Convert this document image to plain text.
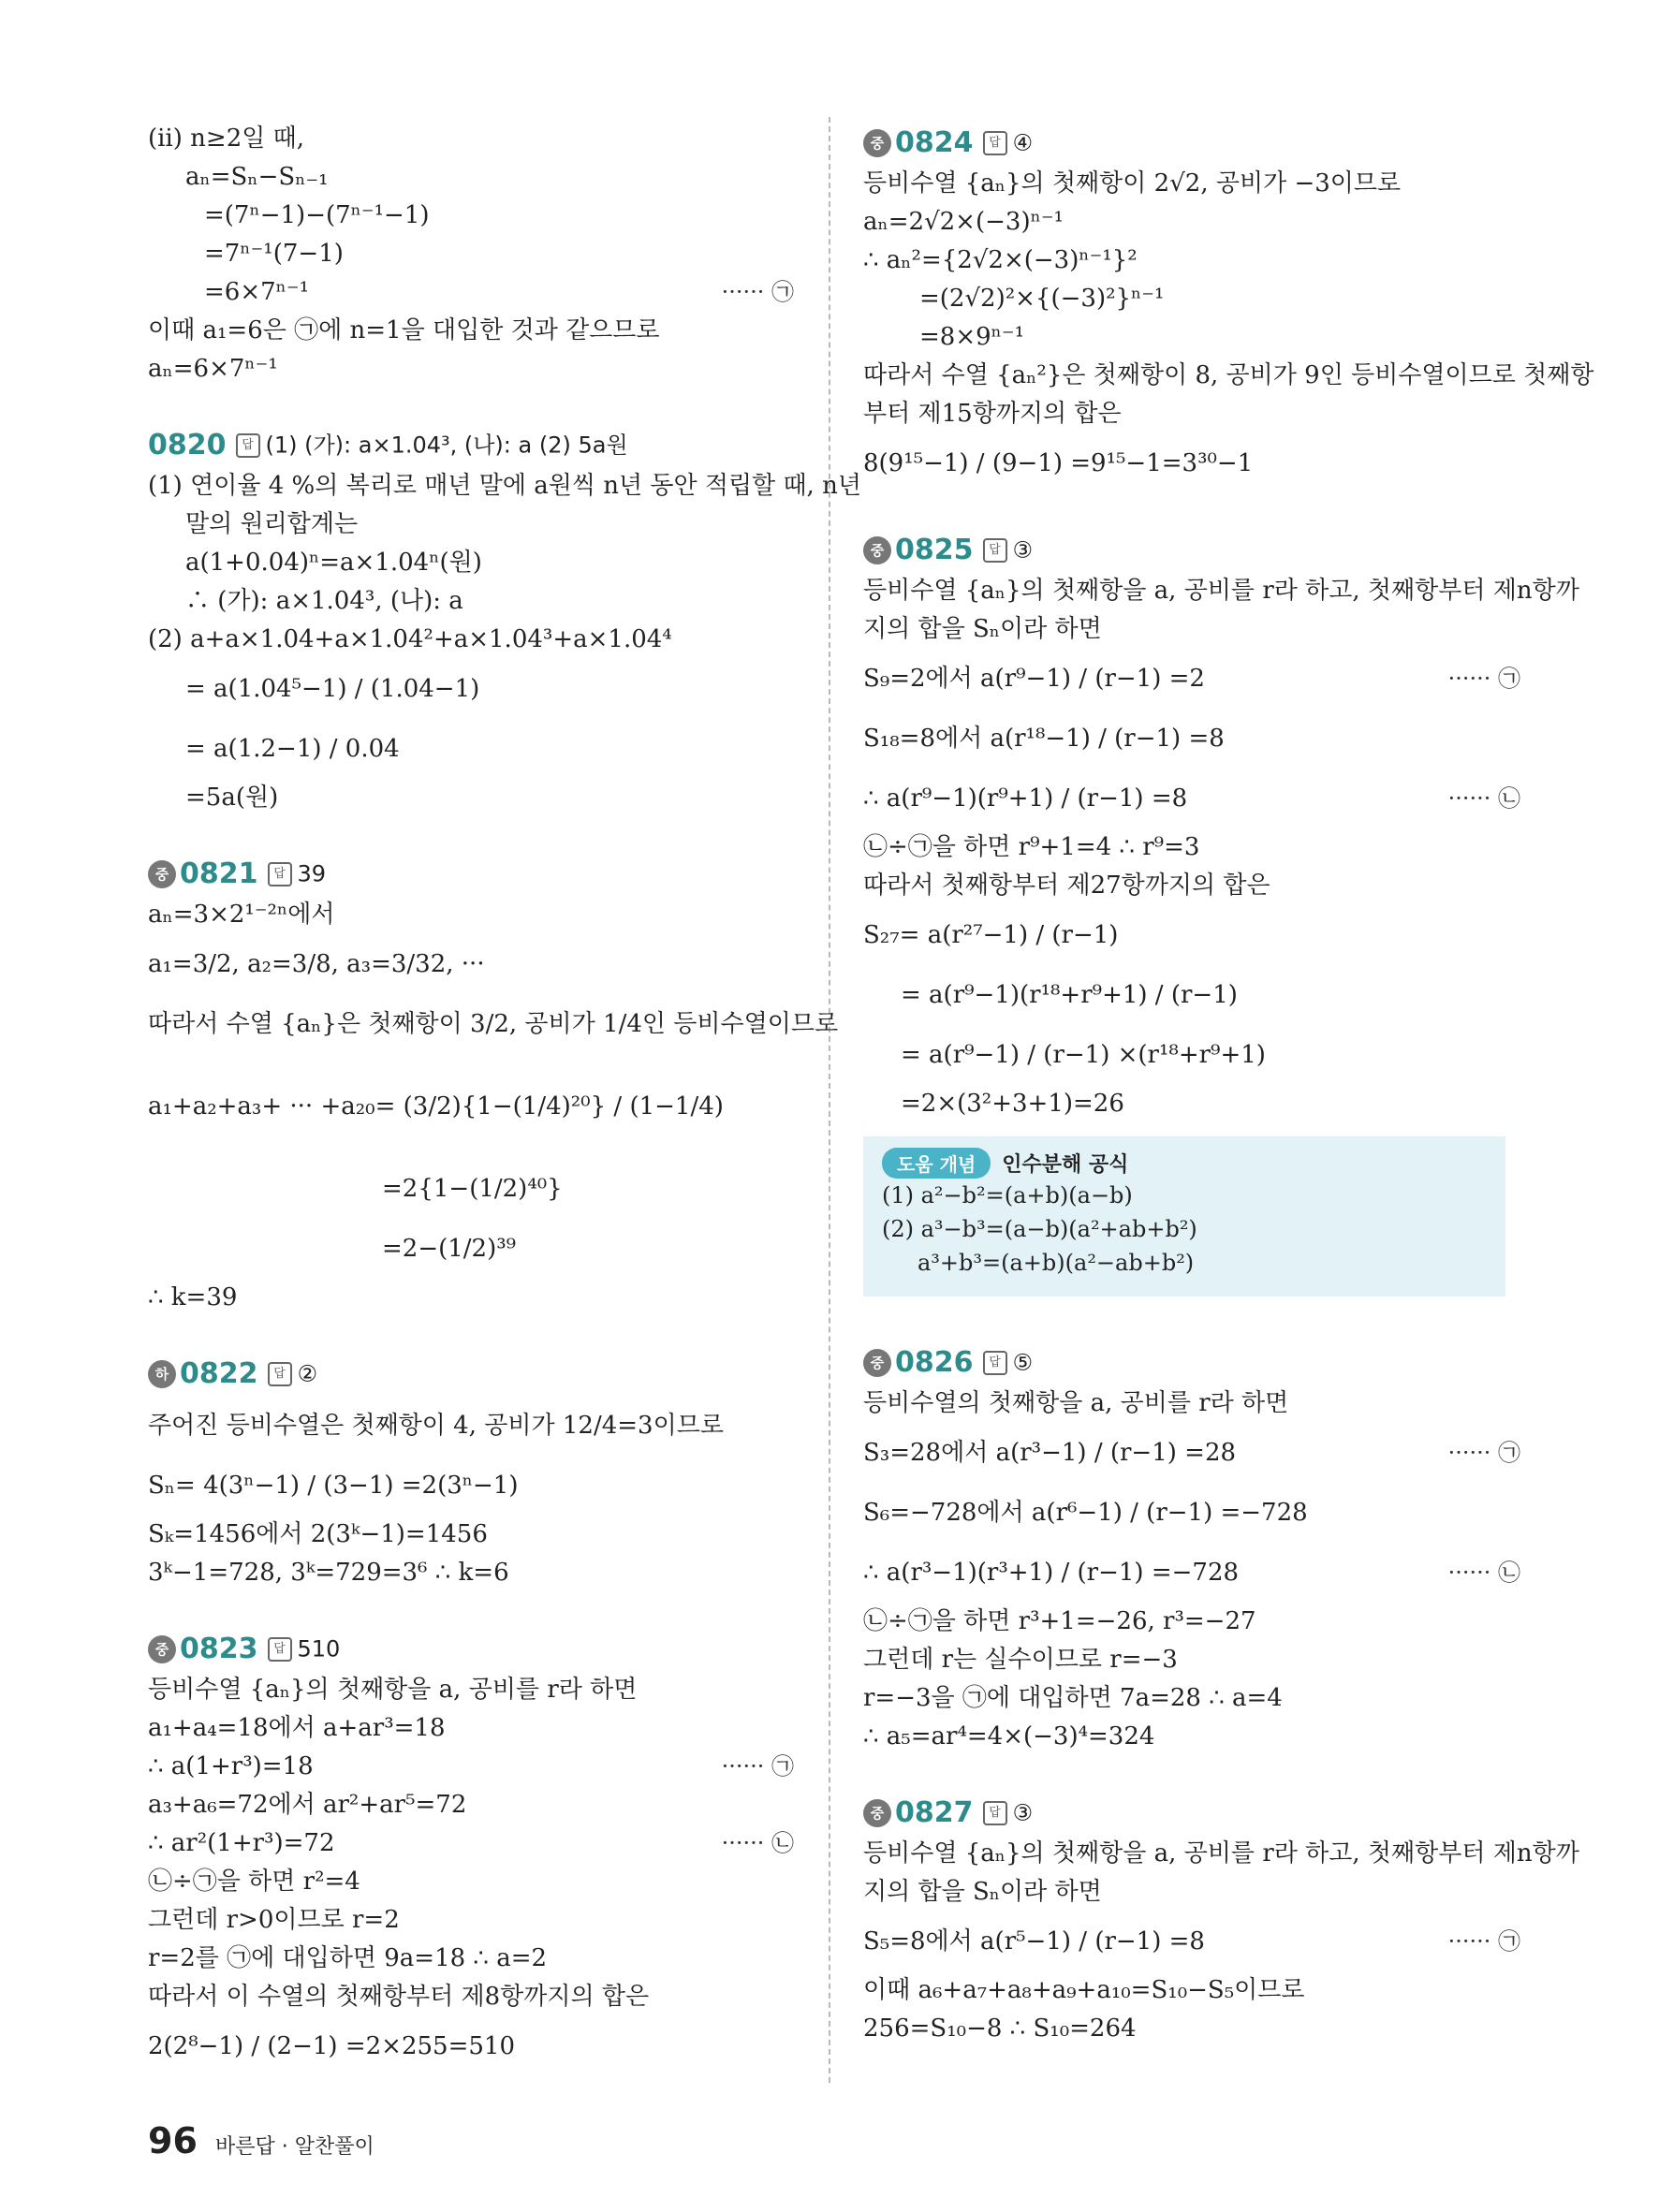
(ⅱ) n≥2일 때,
aₙ=Sₙ−Sₙ₋₁
=(7ⁿ−1)−(7ⁿ⁻¹−1)
=7ⁿ⁻¹(7−1)
=6×7ⁿ⁻¹	······ ㉠
이때 a₁=6은 ㉠에 n=1을 대입한 것과 같으므로
aₙ=6×7ⁿ⁻¹
0820 답 (1) (가): a×1.04³, (나): a (2) 5a원
(1) 연이율 4 %의 복리로 매년 말에 a원씩 n년 동안 적립할 때, n년
말의 원리합계는
a(1+0.04)ⁿ=a×1.04ⁿ(원)
∴ (가): a×1.04³, (나): a
(2) a+a×1.04+a×1.04²+a×1.04³+a×1.04⁴
= a(1.04⁵−1) / (1.04−1)
= a(1.2−1) / 0.04
=5a(원)
중 0821 답 39
aₙ=3×2¹⁻²ⁿ에서
a₁=3/2, a₂=3/8, a₃=3/32, ···
따라서 수열 {aₙ}은 첫째항이 3/2, 공비가 1/4인 등비수열이므로
a₁+a₂+a₃+ ··· +a₂₀= (3/2){1−(1/4)²⁰} / (1−1/4)
=2{1−(1/2)⁴⁰}
=2−(1/2)³⁹
∴ k=39
하 0822 답 ②
주어진 등비수열은 첫째항이 4, 공비가 12/4=3이므로
Sₙ= 4(3ⁿ−1) / (3−1) =2(3ⁿ−1)
Sₖ=1456에서 2(3ᵏ−1)=1456
3ᵏ−1=728, 3ᵏ=729=3⁶ ∴ k=6
중 0823 답 510
등비수열 {aₙ}의 첫째항을 a, 공비를 r라 하면
a₁+a₄=18에서 a+ar³=18
∴ a(1+r³)=18	······ ㉠
a₃+a₆=72에서 ar²+ar⁵=72
∴ ar²(1+r³)=72	······ ㉡
㉡÷㉠을 하면 r²=4
그런데 r>0이므로 r=2
r=2를 ㉠에 대입하면 9a=18 ∴ a=2
따라서 이 수열의 첫째항부터 제8항까지의 합은
2(2⁸−1) / (2−1) =2×255=510
중 0824 답 ④
등비수열 {aₙ}의 첫째항이 2√2, 공비가 −3이므로
aₙ=2√2×(−3)ⁿ⁻¹
∴ aₙ²={2√2×(−3)ⁿ⁻¹}²
=(2√2)²×{(−3)²}ⁿ⁻¹
=8×9ⁿ⁻¹
따라서 수열 {aₙ²}은 첫째항이 8, 공비가 9인 등비수열이므로 첫째항
부터 제15항까지의 합은
8(9¹⁵−1) / (9−1) =9¹⁵−1=3³⁰−1
중 0825 답 ③
등비수열 {aₙ}의 첫째항을 a, 공비를 r라 하고, 첫째항부터 제n항까
지의 합을 Sₙ이라 하면
S₉=2에서 a(r⁹−1) / (r−1) =2	······ ㉠
S₁₈=8에서 a(r¹⁸−1) / (r−1) =8
∴ a(r⁹−1)(r⁹+1) / (r−1) =8	······ ㉡
㉡÷㉠을 하면 r⁹+1=4 ∴ r⁹=3
따라서 첫째항부터 제27항까지의 합은
S₂₇= a(r²⁷−1) / (r−1)
= a(r⁹−1)(r¹⁸+r⁹+1) / (r−1)
= a(r⁹−1) / (r−1) ×(r¹⁸+r⁹+1)
=2×(3²+3+1)=26
도움 개념 인수분해 공식
(1) a²−b²=(a+b)(a−b)
(2) a³−b³=(a−b)(a²+ab+b²)
a³+b³=(a+b)(a²−ab+b²)
중 0826 답 ⑤
등비수열의 첫째항을 a, 공비를 r라 하면
S₃=28에서 a(r³−1) / (r−1) =28	······ ㉠
S₆=−728에서 a(r⁶−1) / (r−1) =−728
∴ a(r³−1)(r³+1) / (r−1) =−728	······ ㉡
㉡÷㉠을 하면 r³+1=−26, r³=−27
그런데 r는 실수이므로 r=−3
r=−3을 ㉠에 대입하면 7a=28 ∴ a=4
∴ a₅=ar⁴=4×(−3)⁴=324
중 0827 답 ③
등비수열 {aₙ}의 첫째항을 a, 공비를 r라 하고, 첫째항부터 제n항까
지의 합을 Sₙ이라 하면
S₅=8에서 a(r⁵−1) / (r−1) =8	······ ㉠
이때 a₆+a₇+a₈+a₉+a₁₀=S₁₀−S₅이므로
256=S₁₀−8 ∴ S₁₀=264
96 바른답 · 알찬풀이
